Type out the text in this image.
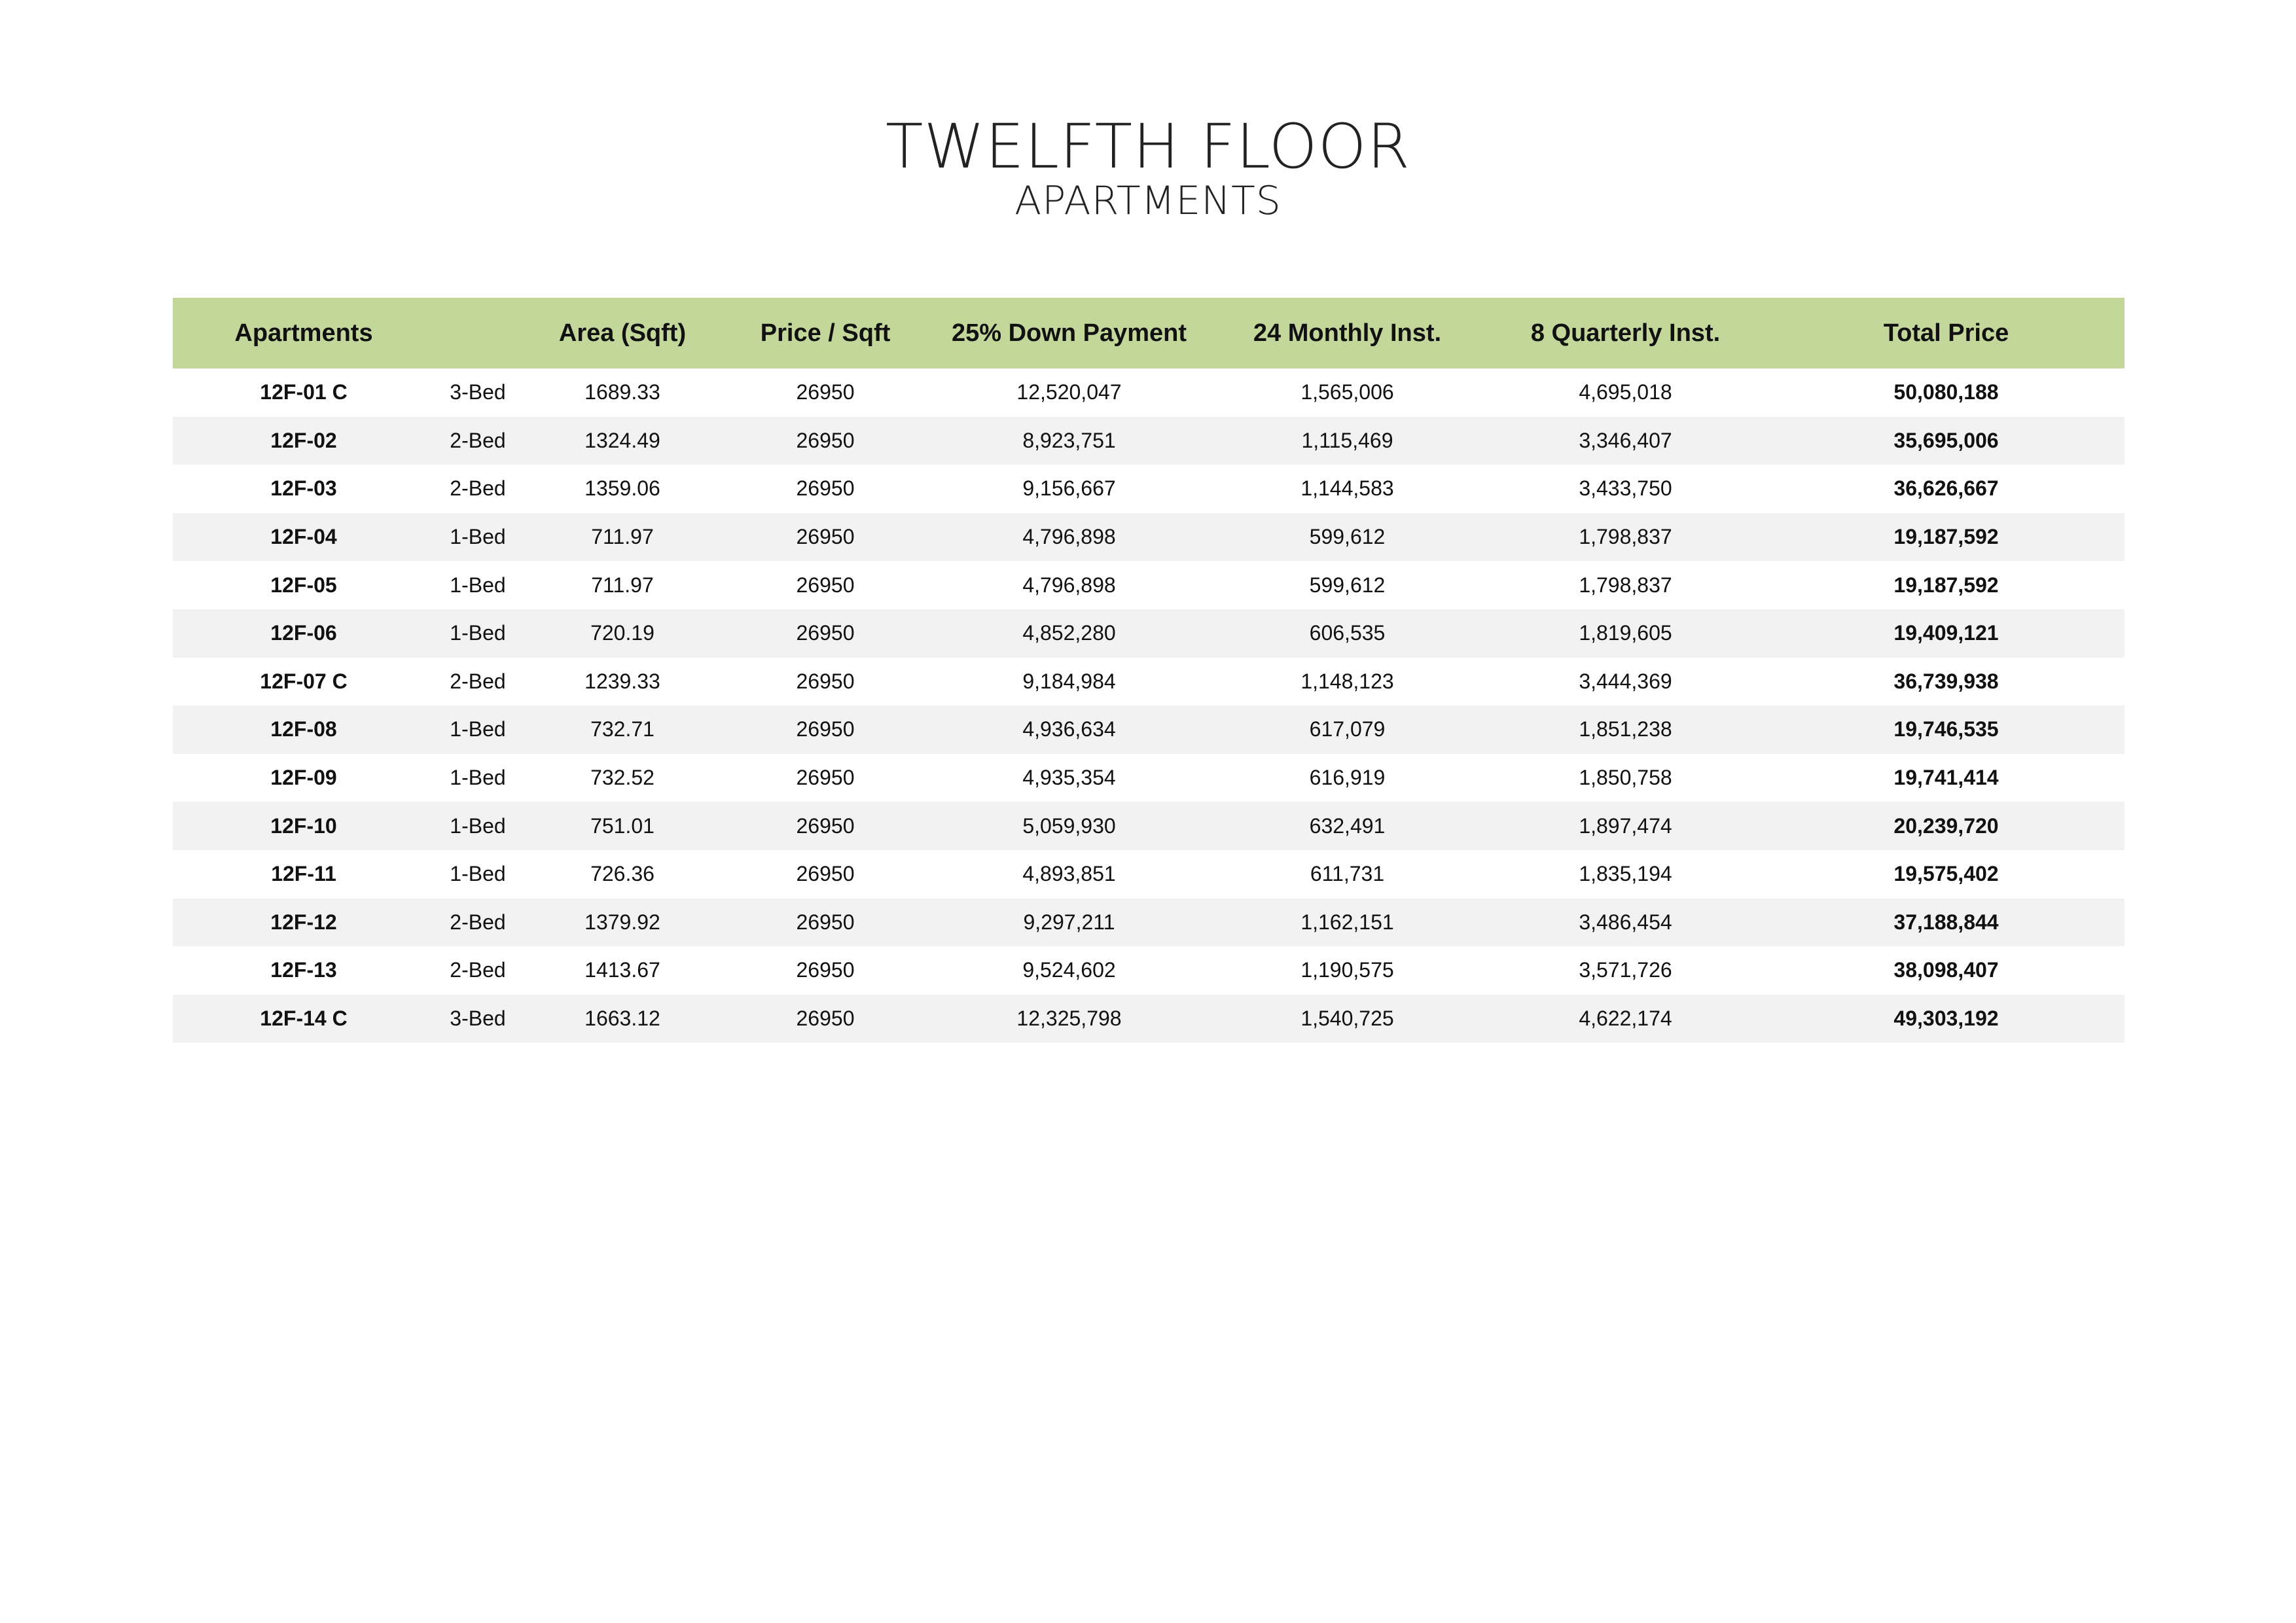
TWELFTH FLOOR
APARTMENTS
Apartments		Area (Sqft)	Price / Sqft	25% Down Payment	24 Monthly Inst.	8 Quarterly Inst.	Total Price
12F-01 C	3-Bed	1689.33	26950	12,520,047	1,565,006	4,695,018	50,080,188
12F-02	2-Bed	1324.49	26950	8,923,751	1,115,469	3,346,407	35,695,006
12F-03	2-Bed	1359.06	26950	9,156,667	1,144,583	3,433,750	36,626,667
12F-04	1-Bed	711.97	26950	4,796,898	599,612	1,798,837	19,187,592
12F-05	1-Bed	711.97	26950	4,796,898	599,612	1,798,837	19,187,592
12F-06	1-Bed	720.19	26950	4,852,280	606,535	1,819,605	19,409,121
12F-07 C	2-Bed	1239.33	26950	9,184,984	1,148,123	3,444,369	36,739,938
12F-08	1-Bed	732.71	26950	4,936,634	617,079	1,851,238	19,746,535
12F-09	1-Bed	732.52	26950	4,935,354	616,919	1,850,758	19,741,414
12F-10	1-Bed	751.01	26950	5,059,930	632,491	1,897,474	20,239,720
12F-11	1-Bed	726.36	26950	4,893,851	611,731	1,835,194	19,575,402
12F-12	2-Bed	1379.92	26950	9,297,211	1,162,151	3,486,454	37,188,844
12F-13	2-Bed	1413.67	26950	9,524,602	1,190,575	3,571,726	38,098,407
12F-14 C	3-Bed	1663.12	26950	12,325,798	1,540,725	4,622,174	49,303,192
